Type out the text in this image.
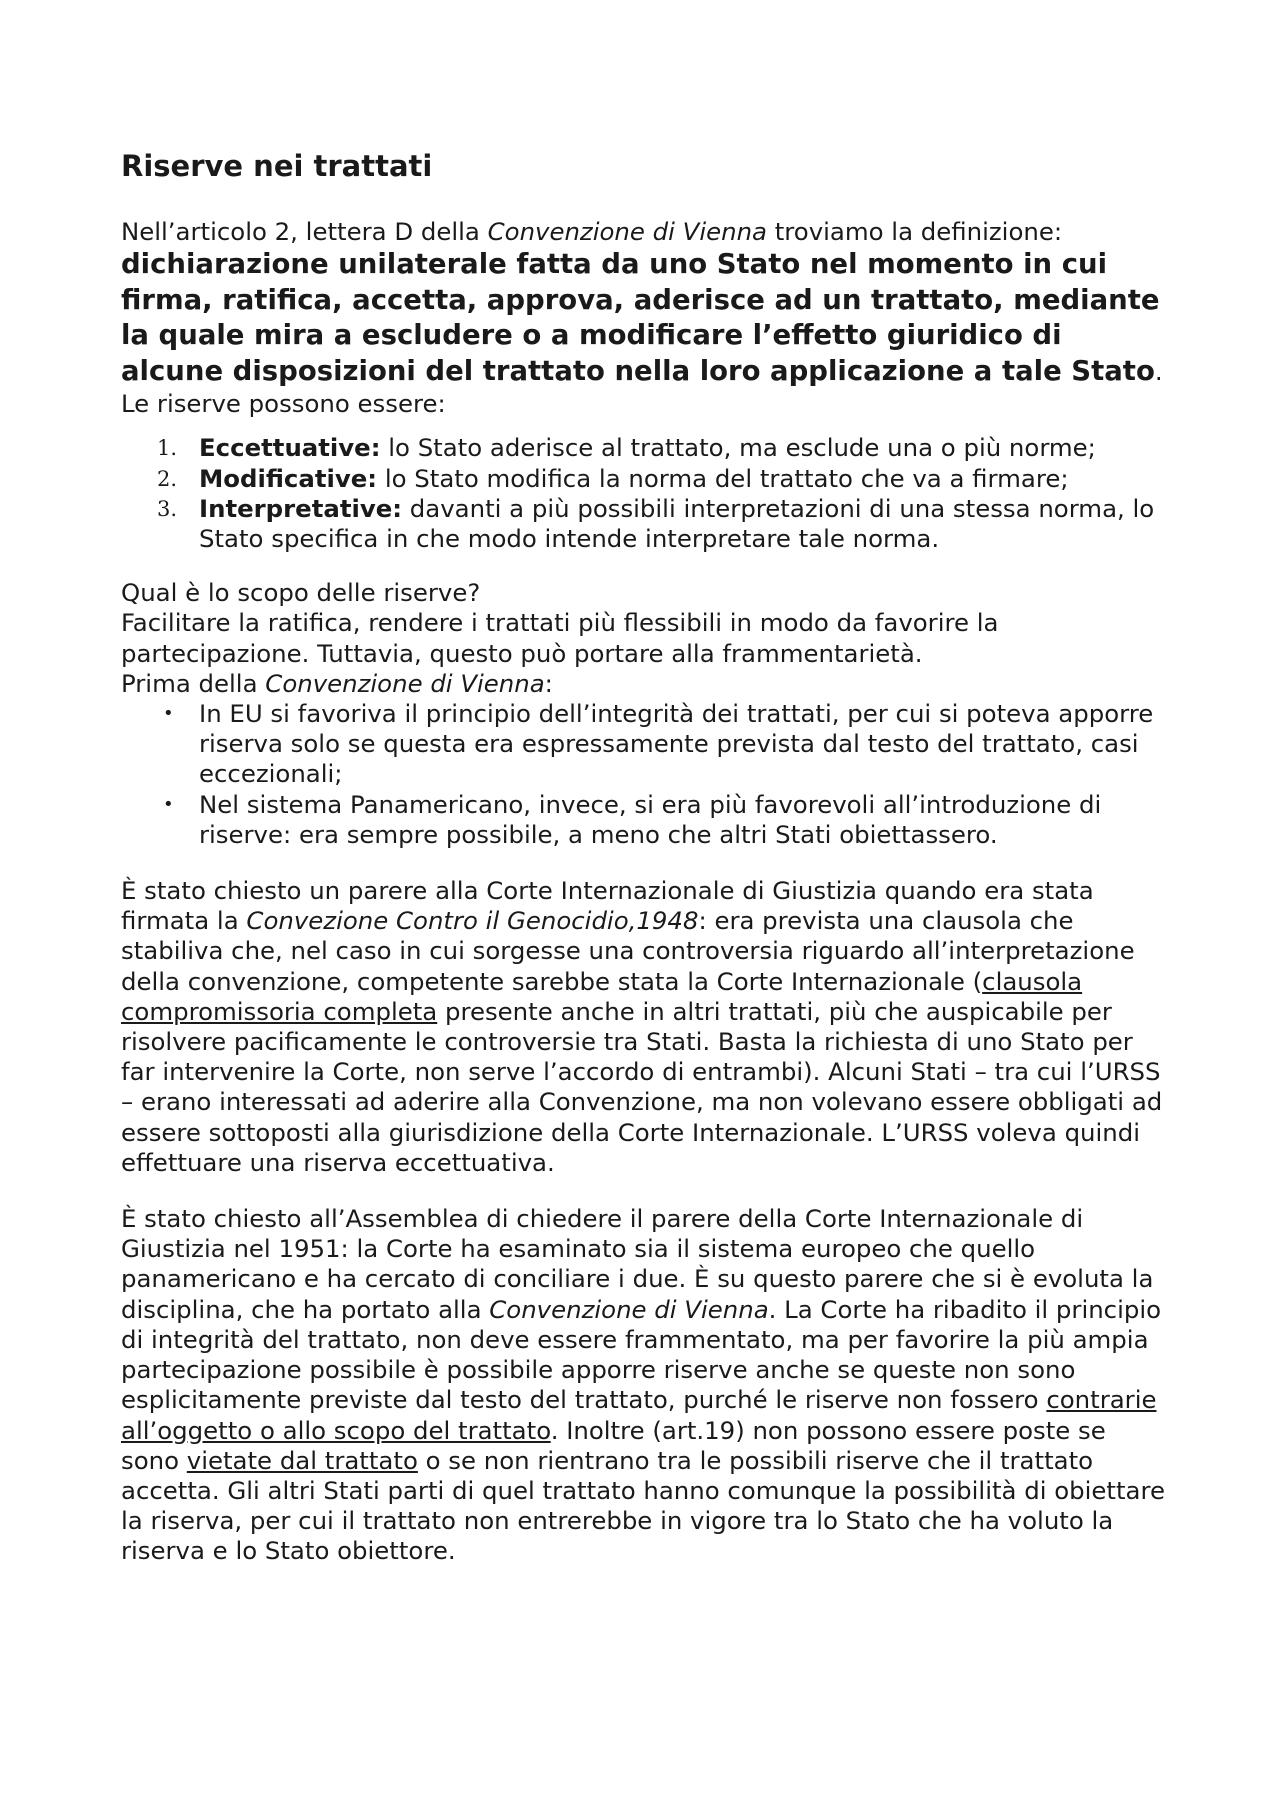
Riserve nei trattati

Nell’articolo 2, lettera D della Convenzione di Vienna troviamo la definizione:

dichiarazione unilaterale fatta da uno Stato nel momento in cui firma, ratifica, accetta, approva, aderisce ad un trattato, mediante la quale mira a escludere o a modificare l’effetto giuridico di alcune disposizioni del trattato nella loro applicazione a tale Stato.

Le riserve possono essere:

1. Eccettuative: lo Stato aderisce al trattato, ma esclude una o più norme;
2. Modificative: lo Stato modifica la norma del trattato che va a firmare;
3. Interpretative: davanti a più possibili interpretazioni di una stessa norma, lo Stato specifica in che modo intende interpretare tale norma.

Qual è lo scopo delle riserve?

Facilitare la ratifica, rendere i trattati più flessibili in modo da favorire la partecipazione. Tuttavia, questo può portare alla frammentarietà.

Prima della Convenzione di Vienna:

• In EU si favoriva il principio dell’integrità dei trattati, per cui si poteva apporre riserva solo se questa era espressamente prevista dal testo del trattato, casi eccezionali;
• Nel sistema Panamericano, invece, si era più favorevoli all’introduzione di riserve: era sempre possibile, a meno che altri Stati obiettassero.

È stato chiesto un parere alla Corte Internazionale di Giustizia quando era stata firmata la Convezione Contro il Genocidio,1948: era prevista una clausola che stabiliva che, nel caso in cui sorgesse una controversia riguardo all’interpretazione della convenzione, competente sarebbe stata la Corte Internazionale (clausola compromissoria completa presente anche in altri trattati, più che auspicabile per risolvere pacificamente le controversie tra Stati. Basta la richiesta di uno Stato per far intervenire la Corte, non serve l’accordo di entrambi). Alcuni Stati – tra cui l’URSS – erano interessati ad aderire alla Convenzione, ma non volevano essere obbligati ad essere sottoposti alla giurisdizione della Corte Internazionale. L’URSS voleva quindi effettuare una riserva eccettuativa.

È stato chiesto all’Assemblea di chiedere il parere della Corte Internazionale di Giustizia nel 1951: la Corte ha esaminato sia il sistema europeo che quello panamericano e ha cercato di conciliare i due. È su questo parere che si è evoluta la disciplina, che ha portato alla Convenzione di Vienna. La Corte ha ribadito il principio di integrità del trattato, non deve essere frammentato, ma per favorire la più ampia partecipazione possibile è possibile apporre riserve anche se queste non sono esplicitamente previste dal testo del trattato, purché le riserve non fossero contrarie all’oggetto o allo scopo del trattato. Inoltre (art.19) non possono essere poste se sono vietate dal trattato o se non rientrano tra le possibili riserve che il trattato accetta. Gli altri Stati parti di quel trattato hanno comunque la possibilità di obiettare la riserva, per cui il trattato non entrerebbe in vigore tra lo Stato che ha voluto la riserva e lo Stato obiettore.
